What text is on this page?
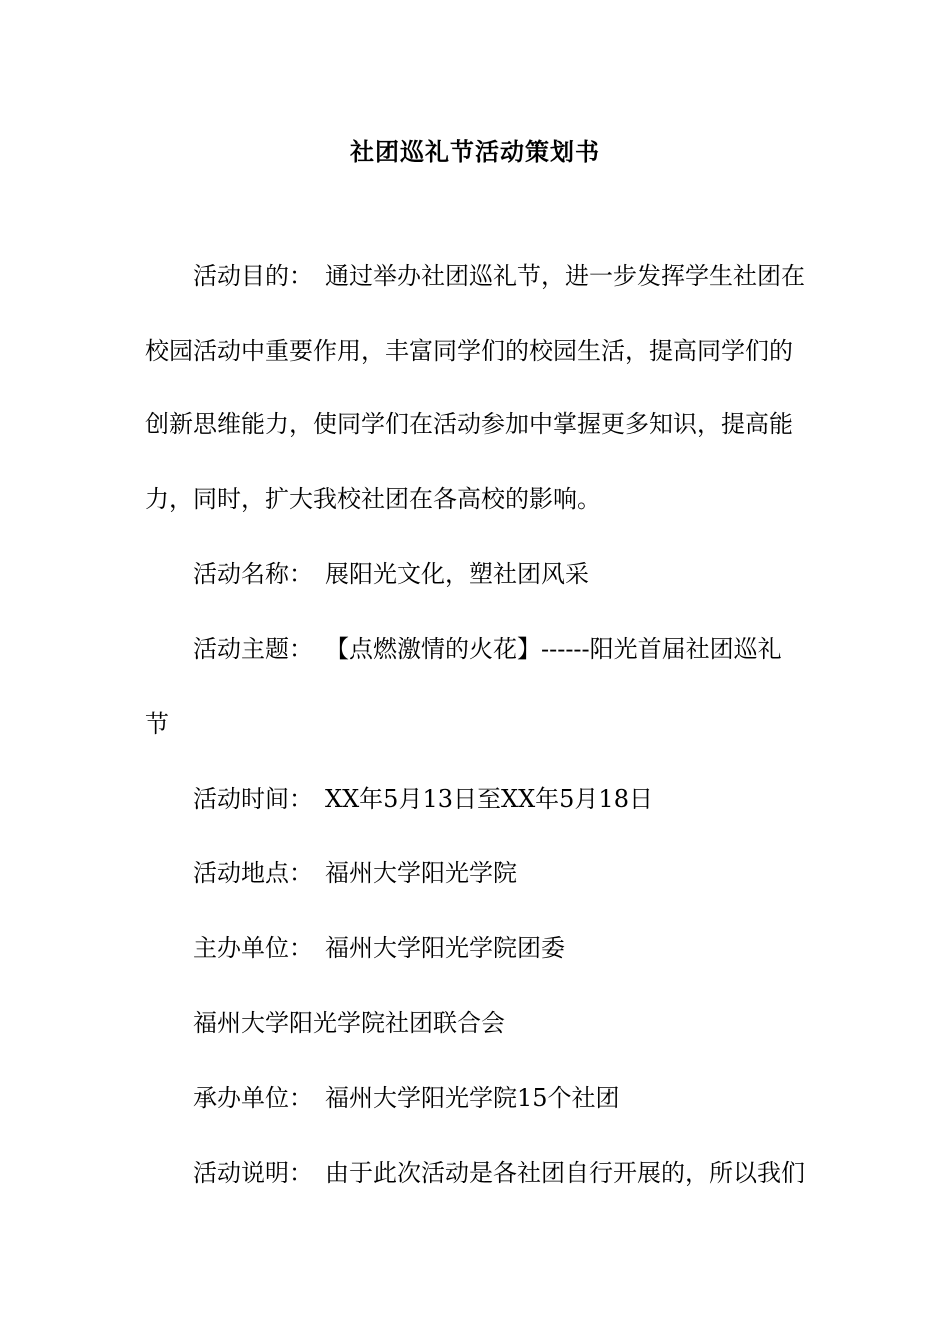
社团巡礼节活动策划书
活动目的： 通过举办社团巡礼节，进一步发挥学生社团在
校园活动中重要作用，丰富同学们的校园生活，提高同学们的
创新思维能力，使同学们在活动参加中掌握更多知识，提高能
力，同时，扩大我校社团在各高校的影响。
活动名称： 展阳光文化，塑社团风采
活动主题： 【点燃激情的火花】------阳光首届社团巡礼
节
活动时间： XX年5月13日至XX年5月18日
活动地点： 福州大学阳光学院
主办单位： 福州大学阳光学院团委
福州大学阳光学院社团联合会
承办单位： 福州大学阳光学院15个社团
活动说明： 由于此次活动是各社团自行开展的，所以我们
